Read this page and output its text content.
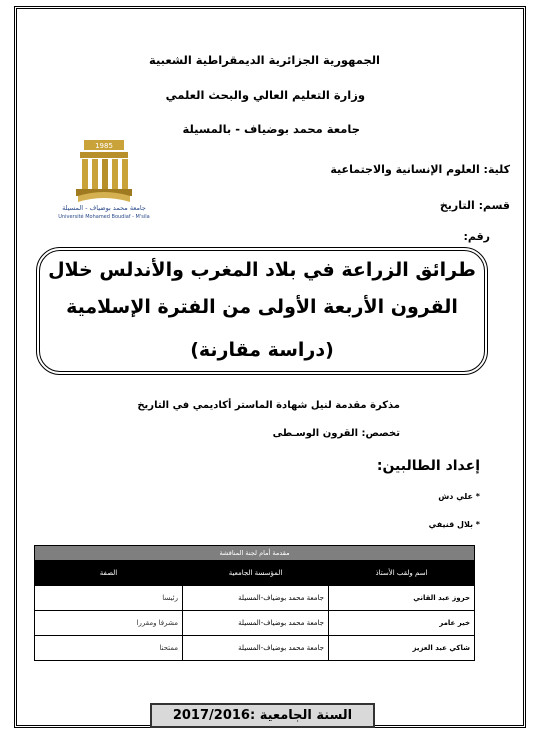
الجمهورية الجزائرية الديمقراطية الشعبية
وزارة التعليم العالي والبحث العلمي
جامعة محمد بوضياف - بالمسيلة
كلية: العلوم الإنسانية والاجتماعية
قسم: التاريخ
رقم:
1985
جامعة محمد بوضياف - المسيلة
Université Mohamed Boudiaf - M'sila
طرائق الزراعة في بلاد المغرب والأندلس خلال
القرون الأربعة الأولى من الفترة الإسلامية
(دراسة مقارنة)
مذكرة مقدمة لنيل شهادة الماستر أكاديمي في التاريخ
تخصص: القرون الوسـطى
إعداد الطالبين:
* علي دش
* بلال قنيفي
مقدمة أمام لجنة المناقشة		
اسم ولقب الأستاذ	المؤسسة الجامعية	الصفة
حروز عبد القاني	جامعة محمد بوضياف-المسيلة	رئيسا
خير عامر	جامعة محمد بوضياف-المسيلة	مشرفا ومقررا
شاكي عبد العزيز	جامعة محمد بوضياف-المسيلة	ممتحنا
السنة الجامعية :2017/2016
